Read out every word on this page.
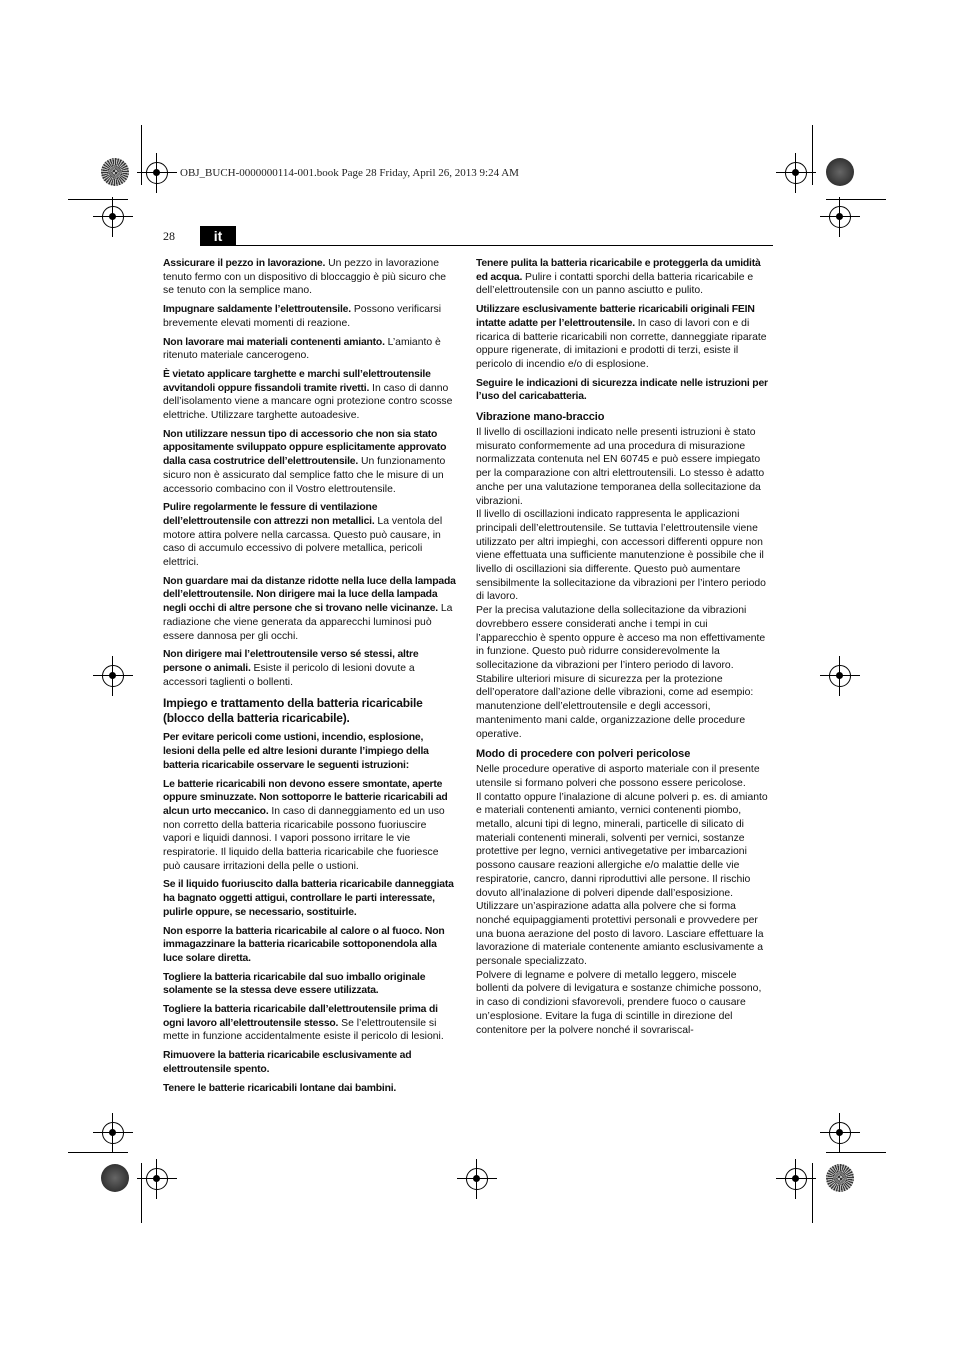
OBJ_BUCH-0000000114-001.book Page 28 Friday, April 26, 2013 9:24 AM
28	it

Assicurare il pezzo in lavorazione. Un pezzo in lavorazione tenuto fermo con un dispositivo di bloccaggio è più sicuro che se tenuto con la semplice mano.

Impugnare saldamente l’elettroutensile. Possono verificarsi brevemente elevati momenti di reazione.

Non lavorare mai materiali contenenti amianto. L’amianto è ritenuto materiale cancerogeno.

È vietato applicare targhette e marchi sull’elettroutensile avvitandoli oppure fissandoli tramite rivetti. In caso di danno dell’isolamento viene a mancare ogni protezione contro scosse elettriche. Utilizzare targhette autoadesive.

Non utilizzare nessun tipo di accessorio che non sia stato appositamente sviluppato oppure esplicitamente approvato dalla casa costrutrice dell’elettroutensile. Un funzionamento sicuro non è assicurato dal semplice fatto che le misure di un accessorio combacino con il Vostro elettroutensile.

Pulire regolarmente le fessure di ventilazione dell’elettroutensile con attrezzi non metallici. La ventola del motore attira polvere nella carcassa. Questo può causare, in caso di accumulo eccessivo di polvere metallica, pericoli elettrici.

Non guardare mai da distanze ridotte nella luce della lampada dell’elettroutensile. Non dirigere mai la luce della lampada negli occhi di altre persone che si trovano nelle vicinanze. La radiazione che viene generata da apparecchi luminosi può essere dannosa per gli occhi.

Non dirigere mai l’elettroutensile verso sé stessi, altre persone o animali. Esiste il pericolo di lesioni dovute a accessori taglienti o bollenti.

Impiego e trattamento della batteria ricaricabile (blocco della batteria ricaricabile).

Per evitare pericoli come ustioni, incendio, esplosione, lesioni della pelle ed altre lesioni durante l’impiego della batteria ricaricabile osservare le seguenti istruzioni:

Le batterie ricaricabili non devono essere smontate, aperte oppure sminuzzate. Non sottoporre le batterie ricaricabili ad alcun urto meccanico. In caso di danneggiamento ed un uso non corretto della batteria ricaricabile possono fuoriuscire vapori e liquidi dannosi. I vapori possono irritare le vie respiratorie. Il liquido della batteria ricaricabile che fuoriesce può causare irritazioni della pelle o ustioni.

Se il liquido fuoriuscito dalla batteria ricaricabile danneggiata ha bagnato oggetti attigui, controllare le parti interessate, pulirle oppure, se necessario, sostituirle.

Non esporre la batteria ricaricabile al calore o al fuoco. Non immagazzinare la batteria ricaricabile sottoponendola alla luce solare diretta.

Togliere la batteria ricaricabile dal suo imballo originale solamente se la stessa deve essere utilizzata.

Togliere la batteria ricaricabile dall’elettroutensile prima di ogni lavoro all’elettroutensile stesso. Se l’elettroutensile si mette in funzione accidentalmente esiste il pericolo di lesioni.

Rimuovere la batteria ricaricabile esclusivamente ad elettroutensile spento.

Tenere le batterie ricaricabili lontane dai bambini.

Tenere pulita la batteria ricaricabile e proteggerla da umidità ed acqua. Pulire i contatti sporchi della batteria ricaricabile e dell’elettroutensile con un panno asciutto e pulito.

Utilizzare esclusivamente batterie ricaricabili originali FEIN intatte adatte per l’elettroutensile. In caso di lavori con e di ricarica di batterie ricaricabili non corrette, danneggiate riparate oppure rigenerate, di imitazioni e prodotti di terzi, esiste il pericolo di incendio e/o di esplosione.

Seguire le indicazioni di sicurezza indicate nelle istruzioni per l’uso del caricabatteria.

Vibrazione mano-braccio

Il livello di oscillazioni indicato nelle presenti istruzioni è stato misurato conformemente ad una procedura di misurazione normalizzata contenuta nel EN 60745 e può essere impiegato per la comparazione con altri elettroutensili. Lo stesso è adatto anche per una valutazione temporanea della sollecitazione da vibrazioni.

Il livello di oscillazioni indicato rappresenta le applicazioni principali dell’elettroutensile. Se tuttavia l’elettroutensile viene utilizzato per altri impieghi, con accessori differenti oppure non viene effettuata una sufficiente manutenzione è possibile che il livello di oscillazioni sia differente. Questo può aumentare sensibilmente la sollecitazione da vibrazioni per l’intero periodo di lavoro.

Per la precisa valutazione della sollecitazione da vibrazioni dovrebbero essere considerati anche i tempi in cui l’apparecchio è spento oppure è acceso ma non effettivamente in funzione. Questo può ridurre considerevolmente la sollecitazione da vibrazioni per l’intero periodo di lavoro.

Stabilire ulteriori misure di sicurezza per la protezione dell’operatore dall’azione delle vibrazioni, come ad esempio: manutenzione dell’elettroutensile e degli accessori, mantenimento mani calde, organizzazione delle procedure operative.

Modo di procedere con polveri pericolose

Nelle procedure operative di asporto materiale con il presente utensile si formano polveri che possono essere pericolose.

Il contatto oppure l’inalazione di alcune polveri p. es. di amianto e materiali contenenti amianto, vernici contenenti piombo, metallo, alcuni tipi di legno, minerali, particelle di silicato di materiali contenenti minerali, solventi per vernici, sostanze protettive per legno, vernici antivegetative per imbarcazioni possono causare reazioni allergiche e/o malattie delle vie respiratorie, cancro, danni riproduttivi alle persone. Il rischio dovuto all’inalazione di polveri dipende dall’esposizione. Utilizzare un’aspirazione adatta alla polvere che si forma nonché equipaggiamenti protettivi personali e provvedere per una buona aerazione del posto di lavoro. Lasciare effettuare la lavorazione di materiale contenente amianto esclusivamente a personale specializzato.

Polvere di legname e polvere di metallo leggero, miscele bollenti da polvere di levigatura e sostanze chimiche possono, in caso di condizioni sfavorevoli, prendere fuoco o causare un’esplosione. Evitare la fuga di scintille in direzione del contenitore per la polvere nonché il sovrariscal-
